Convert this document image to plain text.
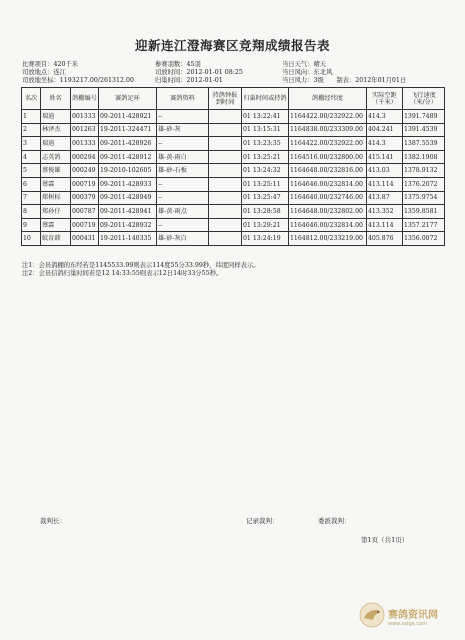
迎新连江澄海赛区竞翔成绩报告表
比赛项目：420千米
司放地点：连江
司放地坐标：1193217.00/261312.00
参赛羽数：45羽
司放时间：2012-01-01 08:25
归巢时间：2012-01-01
当日天气：晴天
当日风向：东北风
当日风力：3级　　制表：2012年01月01日
名次	姓名	鸽棚编号	赛鸽足环	赛鸽资料	持鸽钟报到时间	归巢时间或持鸽	鸽棚经纬度	实际空距（千米）	飞行速度（米/分）
1	瑞迪	001333	09-2011-428921	--		01 13:22:41	1164422.00/232922.00	414.3	1391.7489
2	林泽杰	001263	19-2011-324471	雄-砂-灰		01 13:15:31	1164838.00/233309.00	404.241	1391.4539
3	瑞迪	001333	09-2011-428926	--		01 13:23:35	1164422.00/232922.00	414.3	1387.5539
4	志英鸽	000294	09-2011-428912	雄-黄-雨白		01 13:25:21	1164516.00/232800.00	415.141	1382.1908
5	蔡俊雄	000249	19-2010-102605	雄-砂-石板		01 13:24:32	1164648.00/232816.00	413.03	1378.9132
6	蔡霖	000719	09-2011-428933	--		01 13:25:11	1164646.00/232814.00	413.114	1376.2072
7	郑树标	000379	09-2011-428949	--		01 13:25:47	1164640.00/232746.00	413.87	1375.9754
8	郑孙仔	000787	09-2011-428941	雄-黄-雨点		01 13:28:58	1164648.00/232802.00	413.352	1359.8581
9	蔡霖	000719	09-2011-428932	--		01 13:29:21	1164646.00/232814.00	413.114	1357.2177
10	蚊育韩	000431	19-2011-140335	雄-砂-灰白		01 13:24:19	1164812.00/233219.00	405.876	1356.0072
注1：会员鸽棚的东经若是1145533.99则表示114度55分33.99秒，纬度同样表示。
注2：会员信鸽归巢时间若是12 14:33:55则表示12日14时33分55秒。
裁判长：	记录裁判：	委派裁判：
第1页（共1页）
赛鸽资讯网
www.saige.com
